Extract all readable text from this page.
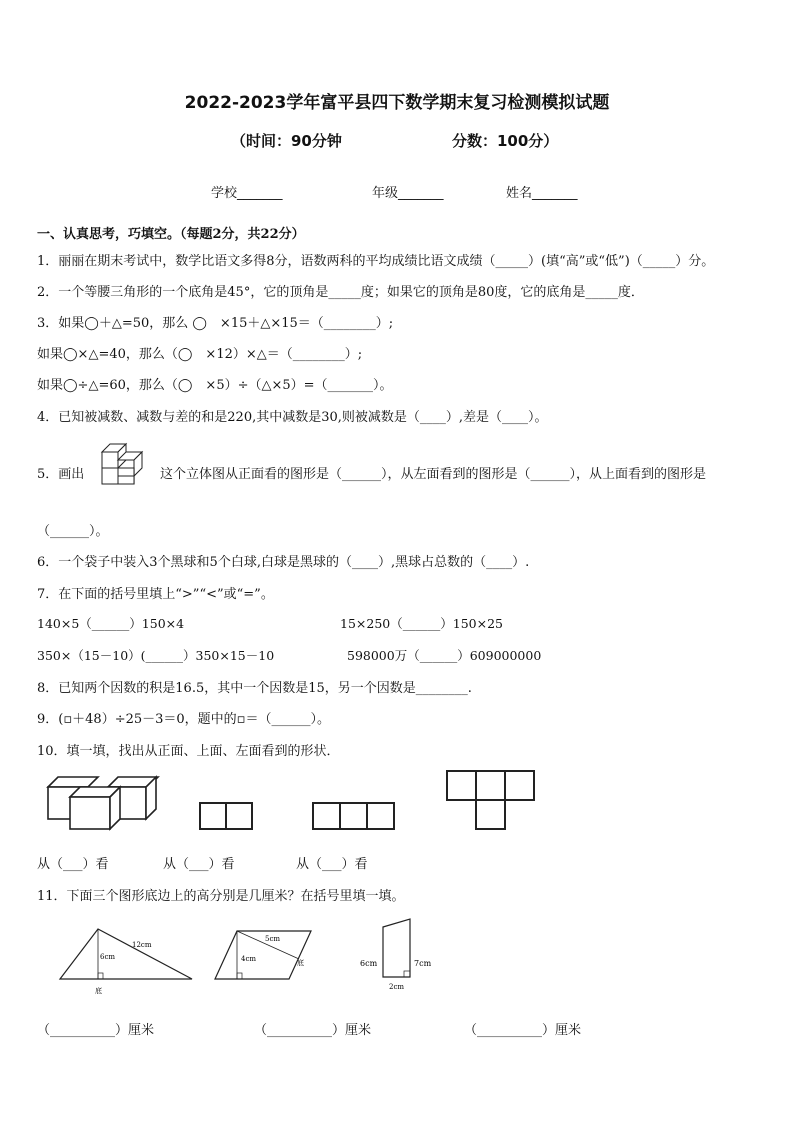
2022-2023学年富平县四下数学期末复习检测模拟试题
（时间：90分钟	分数：100分）
学校_______	年级_______	姓名_______
一、认真思考，巧填空。（每题2分，共22分）
1．丽丽在期末考试中，数学比语文多得8分，语数两科的平均成绩比语文成绩（_____）(填“高”或“低”)（_____）分。
2．一个等腰三角形的一个底角是45°，它的顶角是_____度；如果它的顶角是80度，它的底角是_____度．
3．如果◯＋△=50，那么 ◯　×15＋△×15＝（________）;
如果◯×△=40，那么（◯　×12）×△＝（________）;
如果◯÷△=60，那么（◯　×5）÷（△×5）=（_______）。
4．已知被减数、减数与差的和是220,其中减数是30,则被减数是（____）,差是（____）。
5．画出	这个立体图从正面看的图形是（______），从左面看到的图形是（______），从上面看到的图形是
（______）。
6．一个袋子中装入3个黑球和5个白球,白球是黑球的（____）,黑球占总数的（____）.
7．在下面的括号里填上“>”“<”或“=”。
140×5（______）150×4	15×250（______）150×25
350×（15－10）(______）350×15－10	598000万（______）609000000
8．已知两个因数的积是16.5，其中一个因数是15，另一个因数是________.
9．(▫＋48）÷25－3＝0，题中的▫＝（______）。
10．填一填，找出从正面、上面、左面看到的形状．
从（___）看	从（___）看	从（___）看
11．下面三个图形底边上的高分别是几厘米？在括号里填一填。
12cm
6cm
底
5cm
4cm	底	6cm	7cm
2cm
（__________）厘米	（__________）厘米	（__________）厘米
